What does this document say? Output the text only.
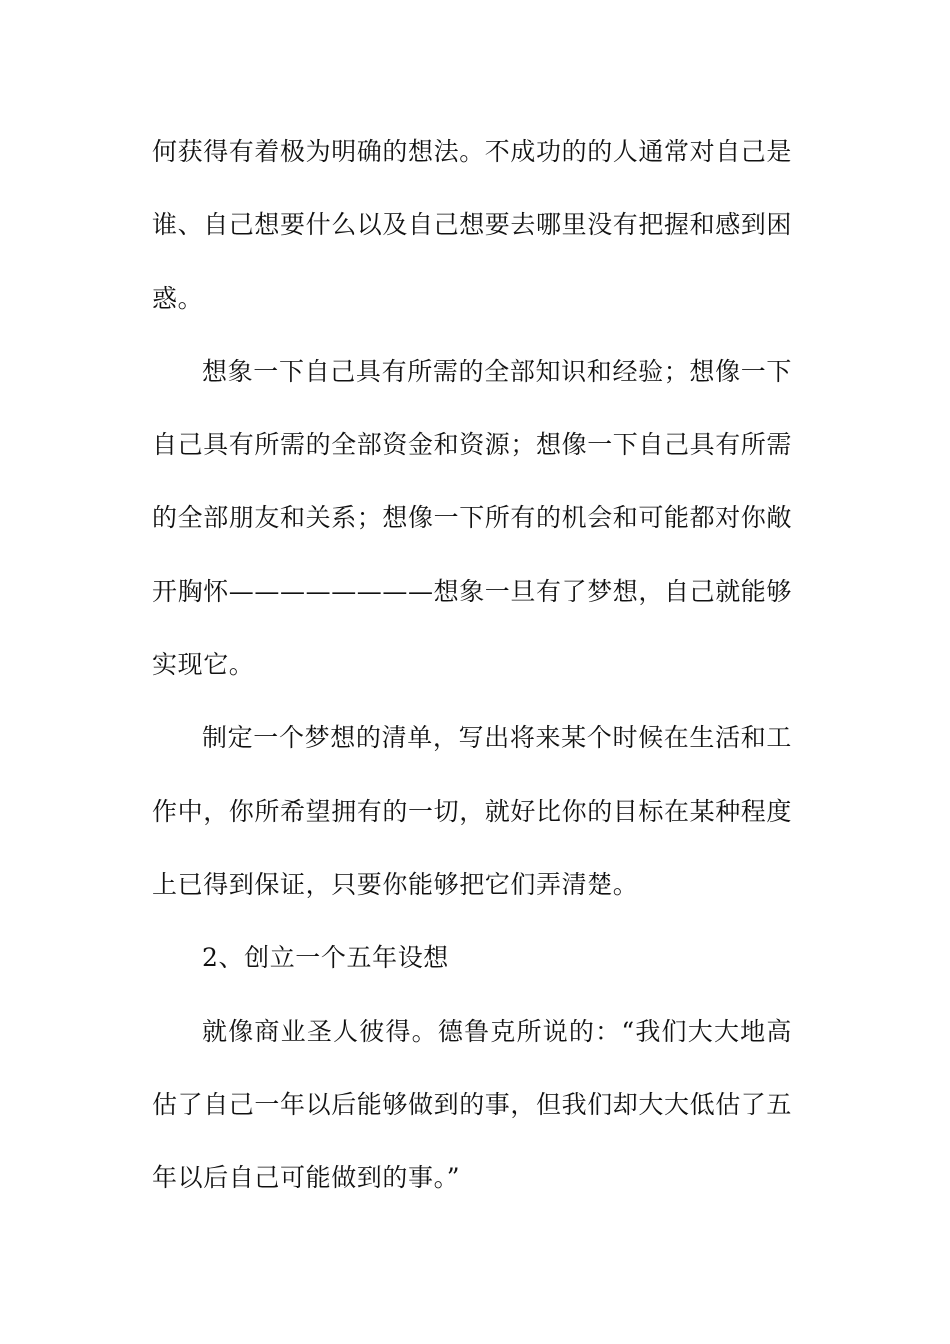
何获得有着极为明确的想法。不成功的的人通常对自己是谁、自己想要什么以及自己想要去哪里没有把握和感到困惑。

想象一下自己具有所需的全部知识和经验；想像一下自己具有所需的全部资金和资源；想像一下自己具有所需的全部朋友和关系；想像一下所有的机会和可能都对你敞开胸怀————————想象一旦有了梦想，自己就能够实现它。

制定一个梦想的清单，写出将来某个时候在生活和工作中，你所希望拥有的一切，就好比你的目标在某种程度上已得到保证，只要你能够把它们弄清楚。

2、创立一个五年设想

就像商业圣人彼得。德鲁克所说的：“我们大大地高估了自己一年以后能够做到的事，但我们却大大低估了五年以后自己可能做到的事。”
